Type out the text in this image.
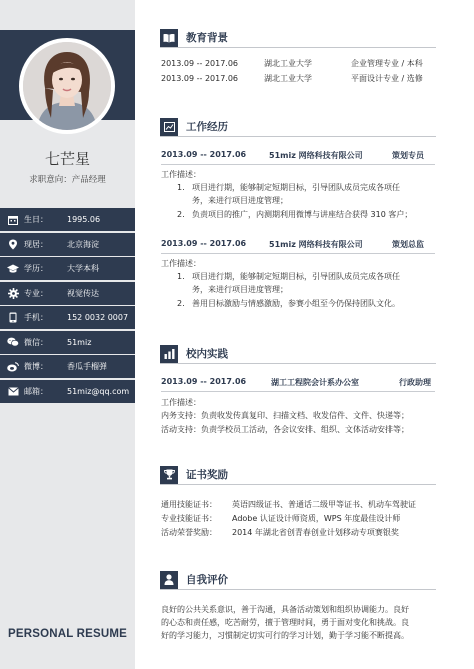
七芒星
求职意向：产品经理
生日：	1995.06
现居：	北京海淀
学历：	大学本科
专业：	视觉传达
手机：	152 0032 0007
微信：	51miz
微博：	香瓜手榴弹
邮箱：	51miz@qq.com
PERSONAL RESUME
教育背景
2013.09 -- 2017.06	湖北工业大学	企业管理专业 / 本科
2013.09 -- 2017.06	湖北工业大学	平面设计专业 / 选修
工作经历
2013.09 -- 2017.06	51miz 网络科技有限公司	策划专员
工作描述：
1. 项目进行期，能够制定短期目标，引导团队成员完成各项任
务，来进行项目进度管理；
2. 负责项目的推广，内测期利用微博与讲座结合获得 310 客户；
2013.09 -- 2017.06	51miz 网络科技有限公司	策划总监
工作描述：
1. 项目进行期，能够制定短期目标，引导团队成员完成各项任
务，来进行项目进度管理；
2. 善用目标激励与情感激励，参赛小组至今仍保持团队文化。
校内实践
2013.09 -- 2017.06	湖工工程院会计系办公室	行政助理
工作描述：
内务支持：负责收发传真复印、扫描文档、收发信件、文件、快递等；
活动支持：负责学校员工活动，各会议安排、组织、文体活动安排等；
证书奖励
通用技能证书： 英语四级证书、普通话二级甲等证书、机动车驾驶证
专业技能证书： Adobe 认证设计师资质，WPS 年度最佳设计师
活动荣誉奖励： 2014 年湖北省创青春创业计划移动专项赛银奖
自我评价
良好的公共关系意识，善于沟通，具备活动策划和组织协调能力。良好
的心态和责任感，吃苦耐劳，擅于管理时间，勇于面对变化和挑战。良
好的学习能力，习惯制定切实可行的学习计划，勤于学习能不断提高。
